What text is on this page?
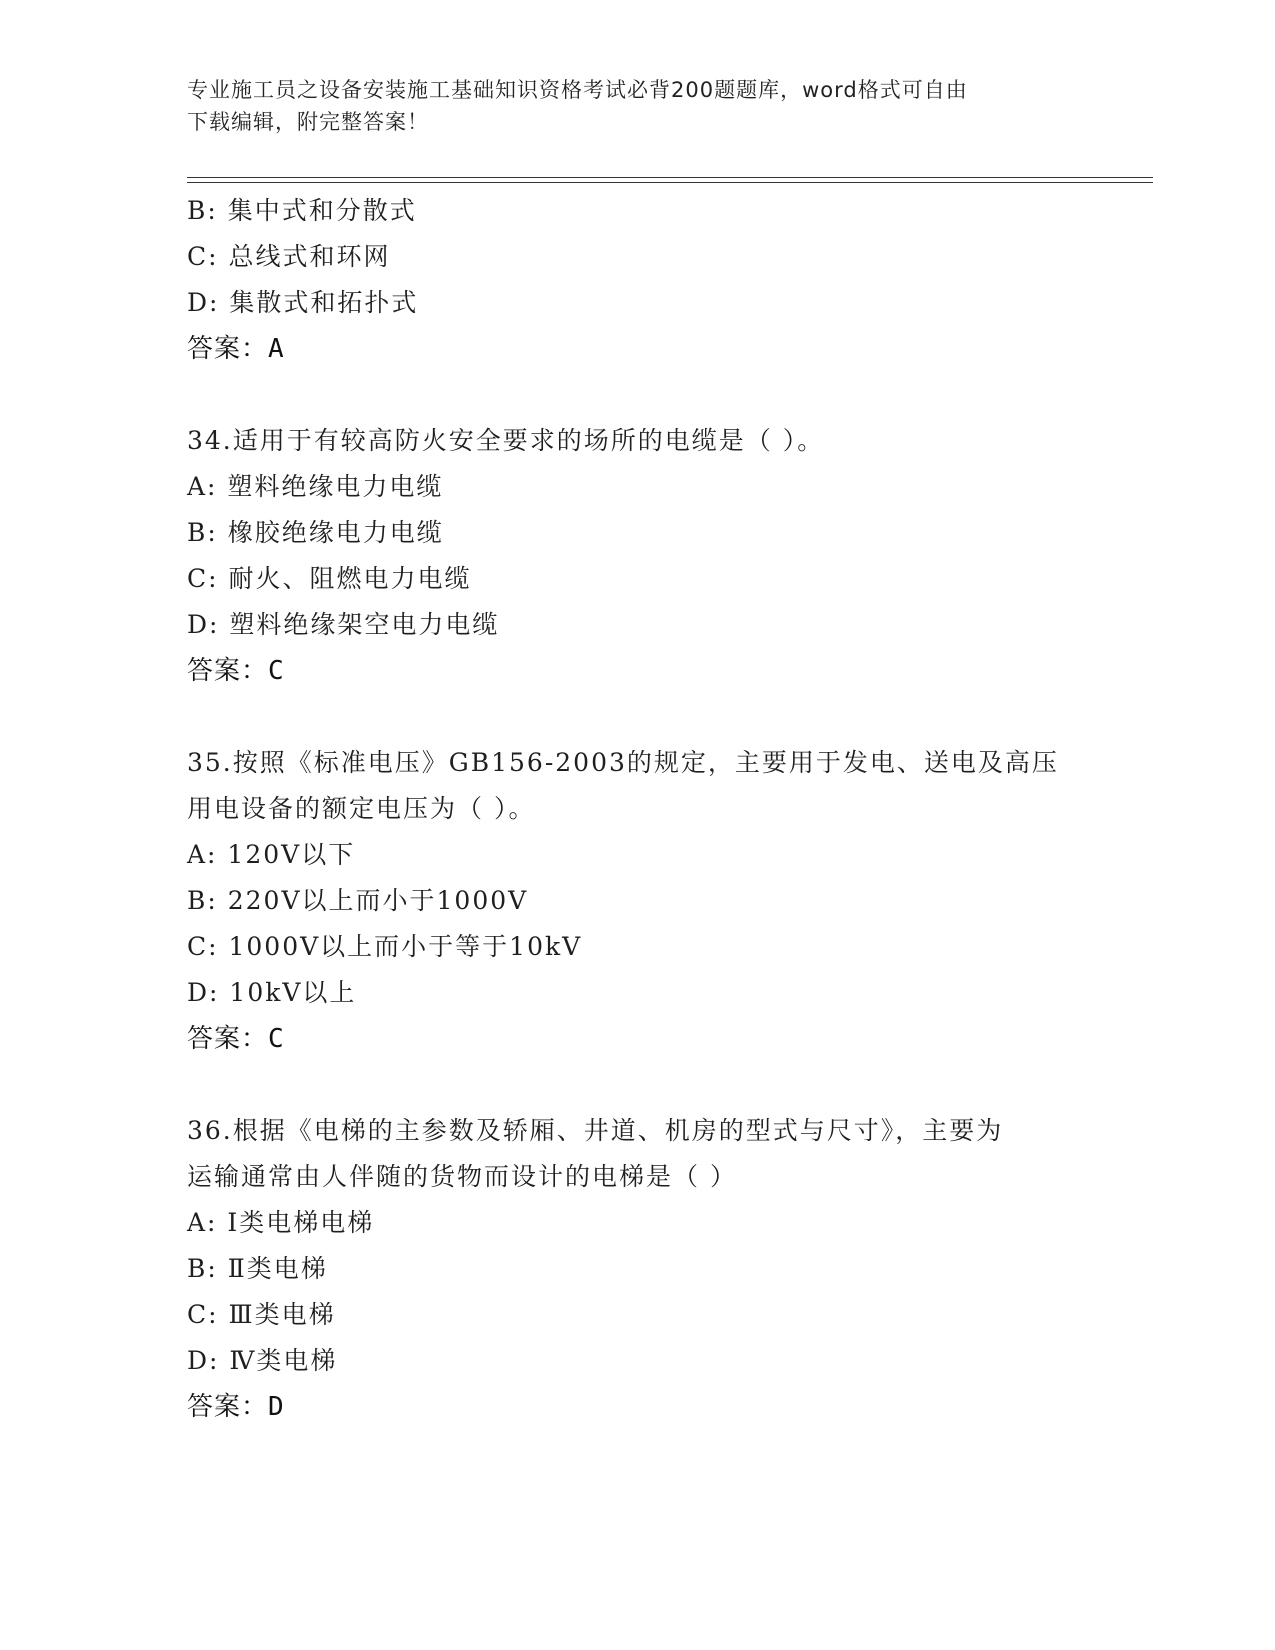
专业施工员之设备安装施工基础知识资格考试必背200题题库，word格式可自由
下载编辑，附完整答案！
B: 集中式和分散式
C: 总线式和环网
D: 集散式和拓扑式
答案：A
34.适用于有较高防火安全要求的场所的电缆是（ ）。
A: 塑料绝缘电力电缆
B: 橡胶绝缘电力电缆
C: 耐火、阻燃电力电缆
D: 塑料绝缘架空电力电缆
答案：C
35.按照《标准电压》GB156-2003的规定，主要用于发电、送电及高压
用电设备的额定电压为（ ）。
A: 120V以下
B: 220V以上而小于1000V
C: 1000V以上而小于等于10kV
D: 10kV以上
答案：C
36.根据《电梯的主参数及轿厢、井道、机房的型式与尺寸》，主要为
运输通常由人伴随的货物而设计的电梯是（ ）
A: Ⅰ类电梯电梯
B: Ⅱ类电梯
C: Ⅲ类电梯
D: Ⅳ类电梯
答案：D
